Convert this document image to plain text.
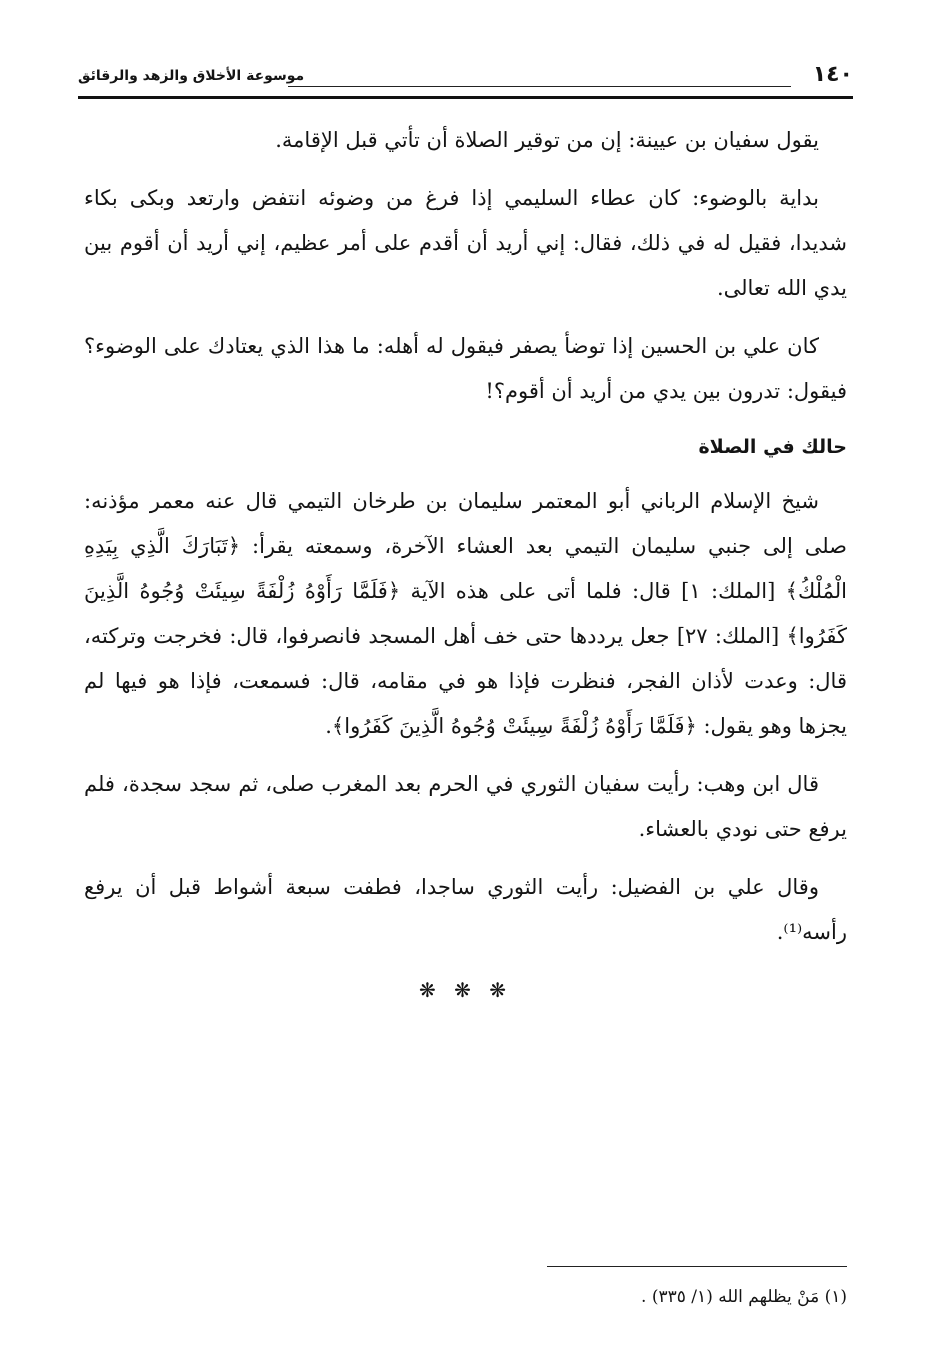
١٤٠
موسوعة الأخلاق والزهد والرقائق

يقول سفيان بن عيينة: إن من توقير الصلاة أن تأتي قبل الإقامة.

بداية بالوضوء: كان عطاء السليمي إذا فرغ من وضوئه انتفض وارتعد وبكى بكاء شديدا، فقيل له في ذلك، فقال: إني أريد أن أقدم على أمر عظيم، إني أريد أن أقوم بين يدي الله تعالى.

كان علي بن الحسين إذا توضأ يصفر فيقول له أهله: ما هذا الذي يعتادك على الوضوء؟ فيقول: تدرون بين يدي من أريد أن أقوم؟!

حالك في الصلاة

شيخ الإسلام الرباني أبو المعتمر سليمان بن طرخان التيمي قال عنه معمر مؤذنه: صلى إلى جنبي سليمان التيمي بعد العشاء الآخرة، وسمعته يقرأ: ﴿تَبَارَكَ الَّذِي بِيَدِهِ الْمُلْكُ﴾ [الملك: ١] قال: فلما أتى على هذه الآية ﴿فَلَمَّا رَأَوْهُ زُلْفَةً سِيئَتْ وُجُوهُ الَّذِينَ كَفَرُوا﴾ [الملك: ٢٧] جعل يرددها حتى خف أهل المسجد فانصرفوا، قال: فخرجت وتركته، قال: وعدت لأذان الفجر، فنظرت فإذا هو في مقامه، قال: فسمعت، فإذا هو فيها لم يجزها وهو يقول: ﴿فَلَمَّا رَأَوْهُ زُلْفَةً سِيئَتْ وُجُوهُ الَّذِينَ كَفَرُوا﴾.

قال ابن وهب: رأيت سفيان الثوري في الحرم بعد المغرب صلى، ثم سجد سجدة، فلم يرفع حتى نودي بالعشاء.

وقال علي بن الفضيل: رأيت الثوري ساجدا، فطفت سبعة أشواط قبل أن يرفع رأسه⁽¹⁾.

❋ ❋ ❋

(١) مَنْ يظلهم الله (١/ ٣٣٥) .
